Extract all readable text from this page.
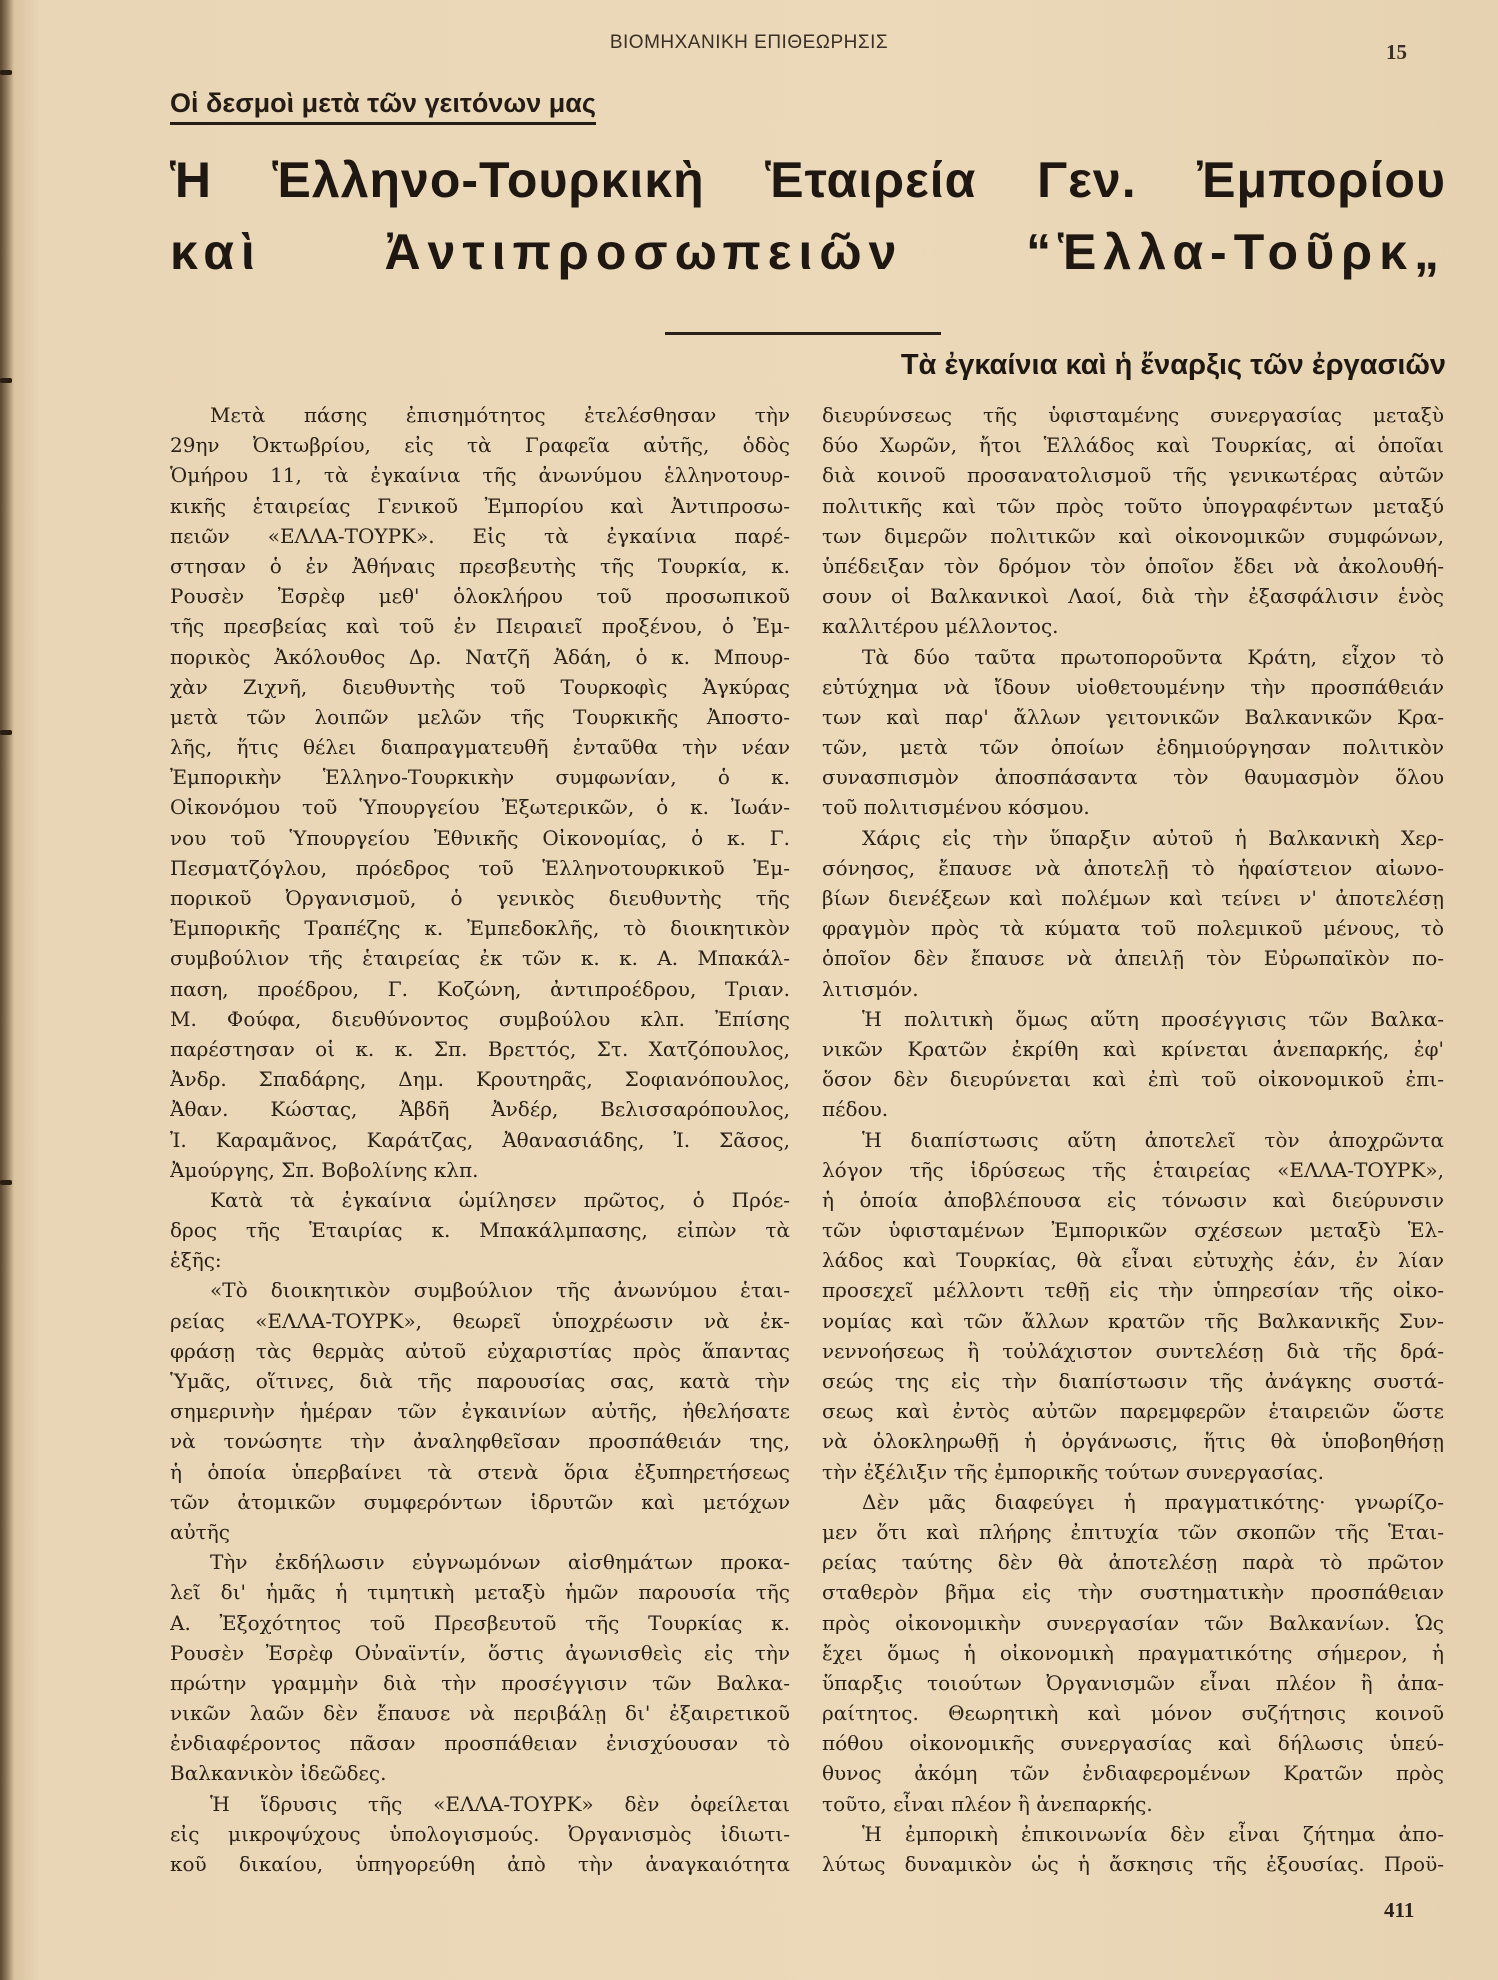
ΒΙΟΜΗΧΑΝΙΚΗ ΕΠΙΘΕΩΡΗΣΙΣ	15
Οἱ δεσμοὶ μετὰ τῶν γειτόνων μας
Ἡ Ἑλληνο-Τουρκικὴ Ἑταιρεία Γεν. Ἐμπορίου
καὶ Ἀντιπροσωπειῶν “Ἑλλα-Τοῦρκ„
Τὰ ἐγκαίνια καὶ ἡ ἔναρξις τῶν ἐργασιῶν
Μετὰ πάσης ἐπισημότητος ἐτελέσθησαν τὴν
29ην Ὀκτωβρίου, εἰς τὰ Γραφεῖα αὐτῆς, ὁδὸς
Ὁμήρου 11, τὰ ἐγκαίνια τῆς ἀνωνύμου ἑλληνοτουρ-
κικῆς ἑταιρείας Γενικοῦ Ἐμπορίου καὶ Ἀντιπροσω-
πειῶν «ΕΛΛΑ-ΤΟΥΡΚ». Εἰς τὰ ἐγκαίνια παρέ-
στησαν ὁ ἐν Ἀθήναις πρεσβευτὴς τῆς Τουρκία, κ.
Ρουσὲν Ἐσρὲφ μεθ' ὁλοκλήρου τοῦ προσωπικοῦ
τῆς πρεσβείας καὶ τοῦ ἐν Πειραιεῖ προξένου, ὁ Ἐμ-
πορικὸς Ἀκόλουθος Δρ. Νατζῆ Ἀδάη, ὁ κ. Μπουρ-
χὰν Ζιχνῆ, διευθυντὴς τοῦ Τουρκοφὶς Ἀγκύρας
μετὰ τῶν λοιπῶν μελῶν τῆς Τουρκικῆς Ἀποστο-
λῆς, ἥτις θέλει διαπραγματευθῆ ἐνταῦθα τὴν νέαν
Ἐμπορικὴν Ἑλληνο-Τουρκικὴν συμφωνίαν, ὁ κ.
Οἰκονόμου τοῦ Ὑπουργείου Ἐξωτερικῶν, ὁ κ. Ἰωάν-
νου τοῦ Ὑπουργείου Ἐθνικῆς Οἰκονομίας, ὁ κ. Γ.
Πεσματζόγλου, πρόεδρος τοῦ Ἑλληνοτουρκικοῦ Ἐμ-
πορικοῦ Ὀργανισμοῦ, ὁ γενικὸς διευθυντὴς τῆς
Ἐμπορικῆς Τραπέζης κ. Ἐμπεδοκλῆς, τὸ διοικητικὸν
συμβούλιον τῆς ἑταιρείας ἐκ τῶν κ. κ. Α. Μπακάλ-
παση, προέδρου, Γ. Κοζώνη, ἀντιπροέδρου, Τριαν.
Μ. Φούφα, διευθύνοντος συμβούλου κλπ. Ἐπίσης
παρέστησαν οἱ κ. κ. Σπ. Βρεττός, Στ. Χατζόπουλος,
Ἀνδρ. Σπαδάρης, Δημ. Κρουτηρᾶς, Σοφιανόπουλος,
Ἀθαν. Κώστας, Ἀβδῆ Ἀνδέρ, Βελισσαρόπουλος,
Ἰ. Καραμᾶνος, Καράτζας, Ἀθανασιάδης, Ἰ. Σᾶσος,
Ἀμούργης, Σπ. Βοβολίνης κλπ.
Κατὰ τὰ ἐγκαίνια ὡμίλησεν πρῶτος, ὁ Πρόε-
δρος τῆς Ἑταιρίας κ. Μπακάλμπασης, εἰπὼν τὰ
ἑξῆς:
«Τὸ διοικητικὸν συμβούλιον τῆς ἀνωνύμου ἑται-
ρείας «ΕΛΛΑ-ΤΟΥΡΚ», θεωρεῖ ὑποχρέωσιν νὰ ἐκ-
φράσῃ τὰς θερμὰς αὐτοῦ εὐχαριστίας πρὸς ἅπαντας
Ὑμᾶς, οἵτινες, διὰ τῆς παρουσίας σας, κατὰ τὴν
σημερινὴν ἡμέραν τῶν ἐγκαινίων αὐτῆς, ἠθελήσατε
νὰ τονώσητε τὴν ἀναληφθεῖσαν προσπάθειάν της,
ἡ ὁποία ὑπερβαίνει τὰ στενὰ ὅρια ἐξυπηρετήσεως
τῶν ἀτομικῶν συμφερόντων ἱδρυτῶν καὶ μετόχων
αὐτῆς
Τὴν ἐκδήλωσιν εὐγνωμόνων αἰσθημάτων προκα-
λεῖ δι' ἡμᾶς ἡ τιμητικὴ μεταξὺ ἡμῶν παρουσία τῆς
Α. Ἐξοχότητος τοῦ Πρεσβευτοῦ τῆς Τουρκίας κ.
Ρουσὲν Ἐσρὲφ Οὐναϊντίν, ὅστις ἀγωνισθεὶς εἰς τὴν
πρώτην γραμμὴν διὰ τὴν προσέγγισιν τῶν Βαλκα-
νικῶν λαῶν δὲν ἔπαυσε νὰ περιβάλῃ δι' ἐξαιρετικοῦ
ἐνδιαφέροντος πᾶσαν προσπάθειαν ἐνισχύουσαν τὸ
Βαλκανικὸν ἰδεῶδες.
Ἡ ἵδρυσις τῆς «ΕΛΛΑ-ΤΟΥΡΚ» δὲν ὀφείλεται
εἰς μικροψύχους ὑπολογισμούς. Ὀργανισμὸς ἰδιωτι-
κοῦ δικαίου, ὑπηγορεύθη ἀπὸ τὴν ἀναγκαιότητα
διευρύνσεως τῆς ὑφισταμένης συνεργασίας μεταξὺ
δύο Χωρῶν, ἤτοι Ἑλλάδος καὶ Τουρκίας, αἱ ὁποῖαι
διὰ κοινοῦ προσανατολισμοῦ τῆς γενικωτέρας αὐτῶν
πολιτικῆς καὶ τῶν πρὸς τοῦτο ὑπογραφέντων μεταξύ
των διμερῶν πολιτικῶν καὶ οἰκονομικῶν συμφώνων,
ὑπέδειξαν τὸν δρόμον τὸν ὁποῖον ἔδει νὰ ἀκολουθή-
σουν οἱ Βαλκανικοὶ Λαοί, διὰ τὴν ἐξασφάλισιν ἑνὸς
καλλιτέρου μέλλοντος.
Τὰ δύο ταῦτα πρωτοποροῦντα Κράτη, εἶχον τὸ
εὐτύχημα νὰ ἴδουν υἱοθετουμένην τὴν προσπάθειάν
των καὶ παρ' ἄλλων γειτονικῶν Βαλκανικῶν Κρα-
τῶν, μετὰ τῶν ὁποίων ἐδημιούργησαν πολιτικὸν
συνασπισμὸν ἀποσπάσαντα τὸν θαυμασμὸν ὅλου
τοῦ πολιτισμένου κόσμου.
Χάρις εἰς τὴν ὕπαρξιν αὐτοῦ ἡ Βαλκανικὴ Χερ-
σόνησος, ἔπαυσε νὰ ἀποτελῇ τὸ ἡφαίστειον αἰωνο-
βίων διενέξεων καὶ πολέμων καὶ τείνει ν' ἀποτελέσῃ
φραγμὸν πρὸς τὰ κύματα τοῦ πολεμικοῦ μένους, τὸ
ὁποῖον δὲν ἔπαυσε νὰ ἀπειλῇ τὸν Εὐρωπαϊκὸν πο-
λιτισμόν.
Ἡ πολιτικὴ ὅμως αὕτη προσέγγισις τῶν Βαλκα-
νικῶν Κρατῶν ἐκρίθη καὶ κρίνεται ἀνεπαρκής, ἐφ'
ὅσον δὲν διευρύνεται καὶ ἐπὶ τοῦ οἰκονομικοῦ ἐπι-
πέδου.
Ἡ διαπίστωσις αὕτη ἀποτελεῖ τὸν ἀποχρῶντα
λόγον τῆς ἱδρύσεως τῆς ἑταιρείας «ΕΛΛΑ-ΤΟΥΡΚ»,
ἡ ὁποία ἀποβλέπουσα εἰς τόνωσιν καὶ διεύρυνσιν
τῶν ὑφισταμένων Ἐμπορικῶν σχέσεων μεταξὺ Ἑλ-
λάδος καὶ Τουρκίας, θὰ εἶναι εὐτυχὴς ἐάν, ἐν λίαν
προσεχεῖ μέλλοντι τεθῇ εἰς τὴν ὑπηρεσίαν τῆς οἰκο-
νομίας καὶ τῶν ἄλλων κρατῶν τῆς Βαλκανικῆς Συν-
νεννοήσεως ἢ τοὐλάχιστον συντελέσῃ διὰ τῆς δρά-
σεώς της εἰς τὴν διαπίστωσιν τῆς ἀνάγκης συστά-
σεως καὶ ἐντὸς αὐτῶν παρεμφερῶν ἑταιρειῶν ὥστε
νὰ ὁλοκληρωθῇ ἡ ὀργάνωσις, ἥτις θὰ ὑποβοηθήσῃ
τὴν ἐξέλιξιν τῆς ἐμπορικῆς τούτων συνεργασίας.
Δὲν μᾶς διαφεύγει ἡ πραγματικότης· γνωρίζο-
μεν ὅτι καὶ πλήρης ἐπιτυχία τῶν σκοπῶν τῆς Ἑται-
ρείας ταύτης δὲν θὰ ἀποτελέσῃ παρὰ τὸ πρῶτον
σταθερὸν βῆμα εἰς τὴν συστηματικὴν προσπάθειαν
πρὸς οἰκονομικὴν συνεργασίαν τῶν Βαλκανίων. Ὡς
ἔχει ὅμως ἡ οἰκονομικὴ πραγματικότης σήμερον, ἡ
ὕπαρξις τοιούτων Ὀργανισμῶν εἶναι πλέον ἢ ἀπα-
ραίτητος. Θεωρητικὴ καὶ μόνον συζήτησις κοινοῦ
πόθου οἰκονομικῆς συνεργασίας καὶ δήλωσις ὑπεύ-
θυνος ἀκόμη τῶν ἐνδιαφερομένων Κρατῶν πρὸς
τοῦτο, εἶναι πλέον ἢ ἀνεπαρκής.
Ἡ ἐμπορικὴ ἐπικοινωνία δὲν εἶναι ζήτημα ἀπο-
λύτως δυναμικὸν ὡς ἡ ἄσκησις τῆς ἐξουσίας. Προϋ-
411
